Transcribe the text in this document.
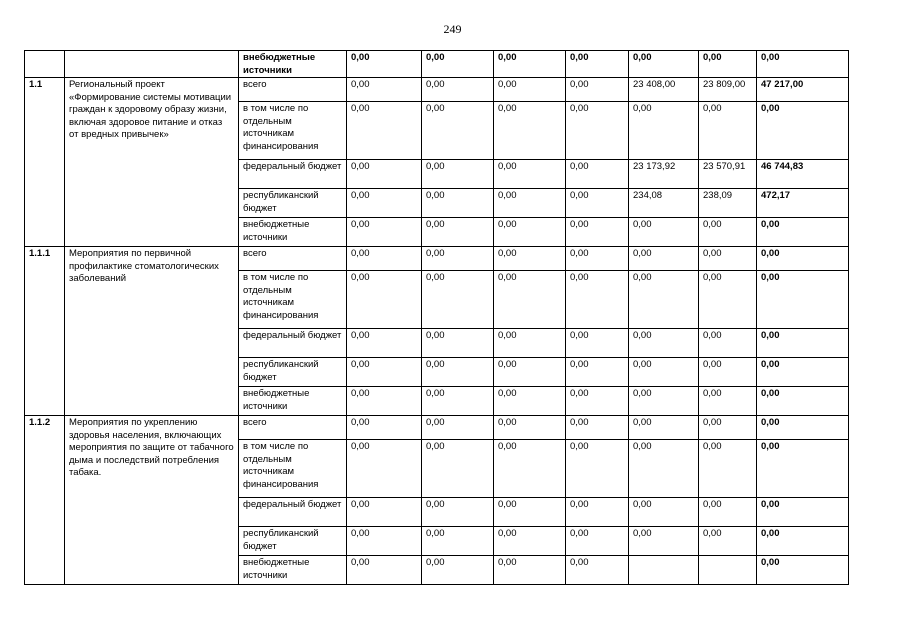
249
		внебюджетные источники	0,00	0,00	0,00	0,00	0,00	0,00	0,00
1.1	Региональный проект «Формирование системы мотивации граждан к здоровому образу жизни, включая здоровое питание и отказ от вредных привычек»	всего	0,00	0,00	0,00	0,00	23 408,00	23 809,00	47 217,00
		в том числе по отдельным источникам финансирования	0,00	0,00	0,00	0,00	0,00	0,00	0,00
		федеральный бюджет	0,00	0,00	0,00	0,00	23 173,92	23 570,91	46 744,83
		республиканский бюджет	0,00	0,00	0,00	0,00	234,08	238,09	472,17
		внебюджетные источники	0,00	0,00	0,00	0,00	0,00	0,00	0,00
1.1.1	Мероприятия по первичной профилактике стоматологических заболеваний	всего	0,00	0,00	0,00	0,00	0,00	0,00	0,00
		в том числе по отдельным источникам финансирования	0,00	0,00	0,00	0,00	0,00	0,00	0,00
		федеральный бюджет	0,00	0,00	0,00	0,00	0,00	0,00	0,00
		республиканский бюджет	0,00	0,00	0,00	0,00	0,00	0,00	0,00
		внебюджетные источники	0,00	0,00	0,00	0,00	0,00	0,00	0,00
1.1.2	Мероприятия по укреплению здоровья населения, включающих мероприятия по защите от табачного дыма и последствий потребления табака.	всего	0,00	0,00	0,00	0,00	0,00	0,00	0,00
		в том числе по отдельным источникам финансирования	0,00	0,00	0,00	0,00	0,00	0,00	0,00
		федеральный бюджет	0,00	0,00	0,00	0,00	0,00	0,00	0,00
		республиканский бюджет	0,00	0,00	0,00	0,00	0,00	0,00	0,00
		внебюджетные источники	0,00	0,00	0,00	0,00			0,00
